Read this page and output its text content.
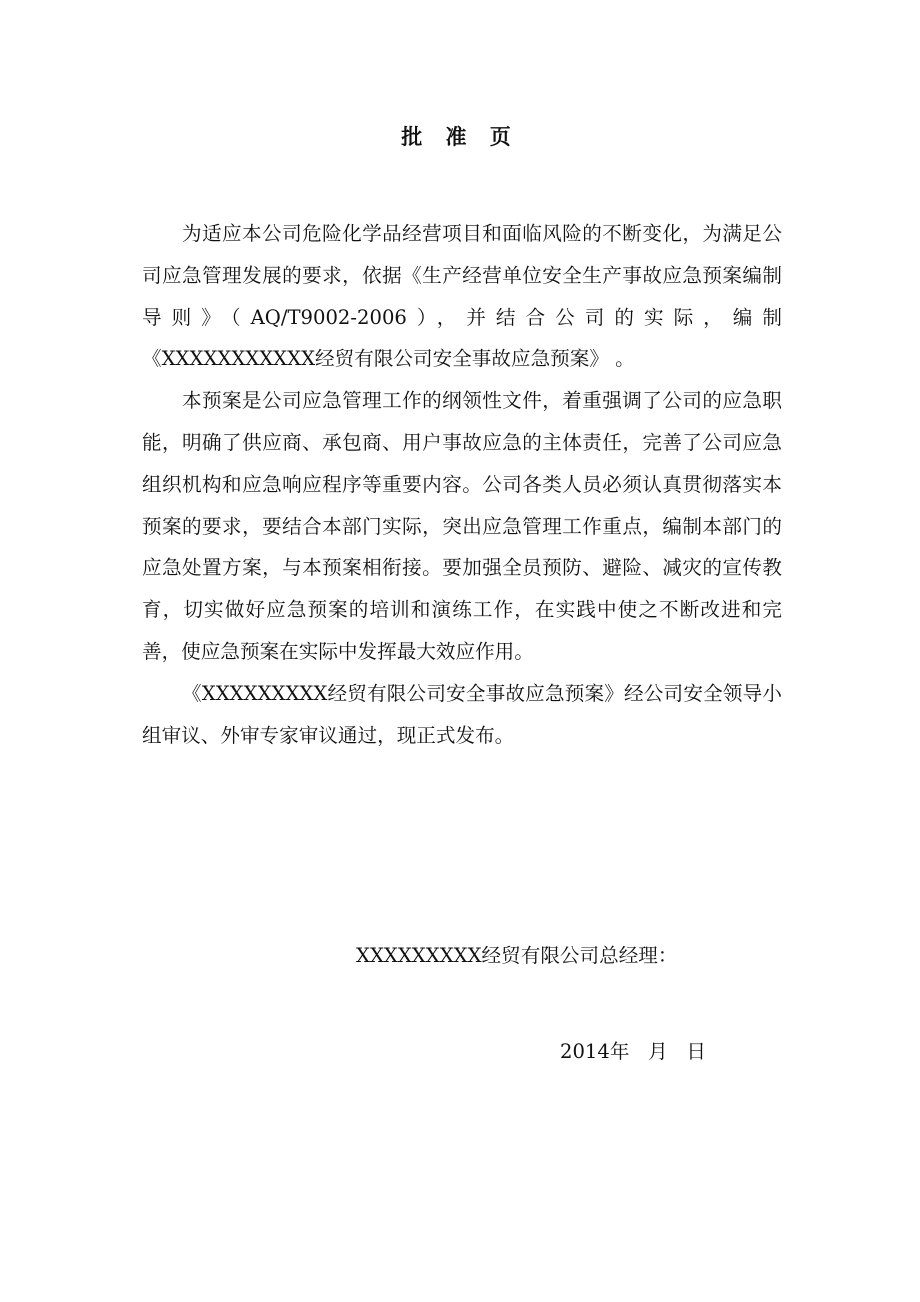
批 准 页

为适应本公司危险化学品经营项目和面临风险的不断变化，为满足公司应急管理发展的要求，依据《生产经营单位安全生产事故应急预案编制导则》（AQ/T9002-2006），并结合公司的实际，编制《XXXXXXXXXXX经贸有限公司安全事故应急预案》 。

本预案是公司应急管理工作的纲领性文件，着重强调了公司的应急职能，明确了供应商、承包商、用户事故应急的主体责任，完善了公司应急组织机构和应急响应程序等重要内容。公司各类人员必须认真贯彻落实本预案的要求，要结合本部门实际，突出应急管理工作重点，编制本部门的应急处置方案，与本预案相衔接。要加强全员预防、避险、减灾的宣传教育，切实做好应急预案的培训和演练工作，在实践中使之不断改进和完善，使应急预案在实际中发挥最大效应作用。

《XXXXXXXXX经贸有限公司安全事故应急预案》经公司安全领导小组审议、外审专家审议通过，现正式发布。

XXXXXXXXX经贸有限公司总经理：
2014年   月   日
